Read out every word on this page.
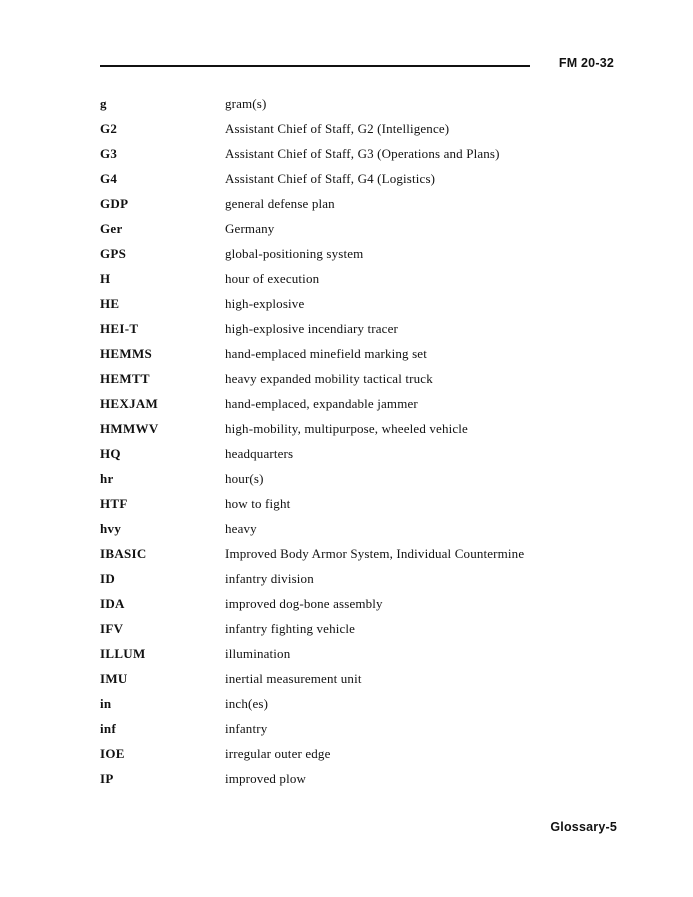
FM 20-32
g	gram(s)
G2	Assistant Chief of Staff, G2 (Intelligence)
G3	Assistant Chief of Staff, G3 (Operations and Plans)
G4	Assistant Chief of Staff, G4 (Logistics)
GDP	general defense plan
Ger	Germany
GPS	global-positioning system
H	hour of execution
HE	high-explosive
HEI-T	high-explosive incendiary tracer
HEMMS	hand-emplaced minefield marking set
HEMTT	heavy expanded mobility tactical truck
HEXJAM	hand-emplaced, expandable jammer
HMMWV	high-mobility, multipurpose, wheeled vehicle
HQ	headquarters
hr	hour(s)
HTF	how to fight
hvy	heavy
IBASIC	Improved Body Armor System, Individual Countermine
ID	infantry division
IDA	improved dog-bone assembly
IFV	infantry fighting vehicle
ILLUM	illumination
IMU	inertial measurement unit
in	inch(es)
inf	infantry
IOE	irregular outer edge
IP	improved plow
Glossary-5
